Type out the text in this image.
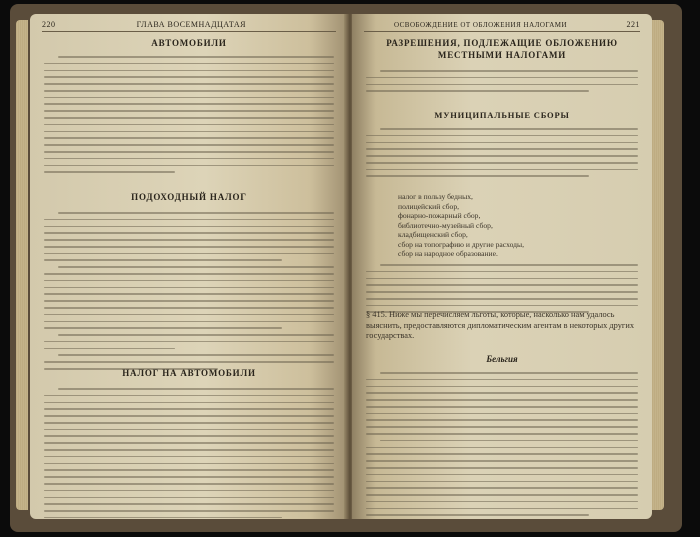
220	ГЛАВА ВОСЕМНАДЦАТАЯ
АВТОМОБИЛИ
ПОДОХОДНЫЙ НАЛОГ
НАЛОГ НА АВТОМОБИЛИ
ОСВОБОЖДЕНИЕ ОТ ОБЛОЖЕНИЯ НАЛОГАМИ	221
РАЗРЕШЕНИЯ, ПОДЛЕЖАЩИЕ ОБЛОЖЕНИЮ
МЕСТНЫМИ НАЛОГАМИ
МУНИЦИПАЛЬНЫЕ СБОРЫ
налог в пользу бедных,
полицейский сбор,
фонарно-пожарный сбор,
библиотечно-музейный сбор,
кладбищенский сбор,
сбор на топографию и другие расходы,
сбор на народное образование.
§ 415. Ниже мы перечисляем льготы, которые, насколько нам удалось выяснить, предоставляются дипломатическим агентам в некоторых других государствах.
Бельгия
